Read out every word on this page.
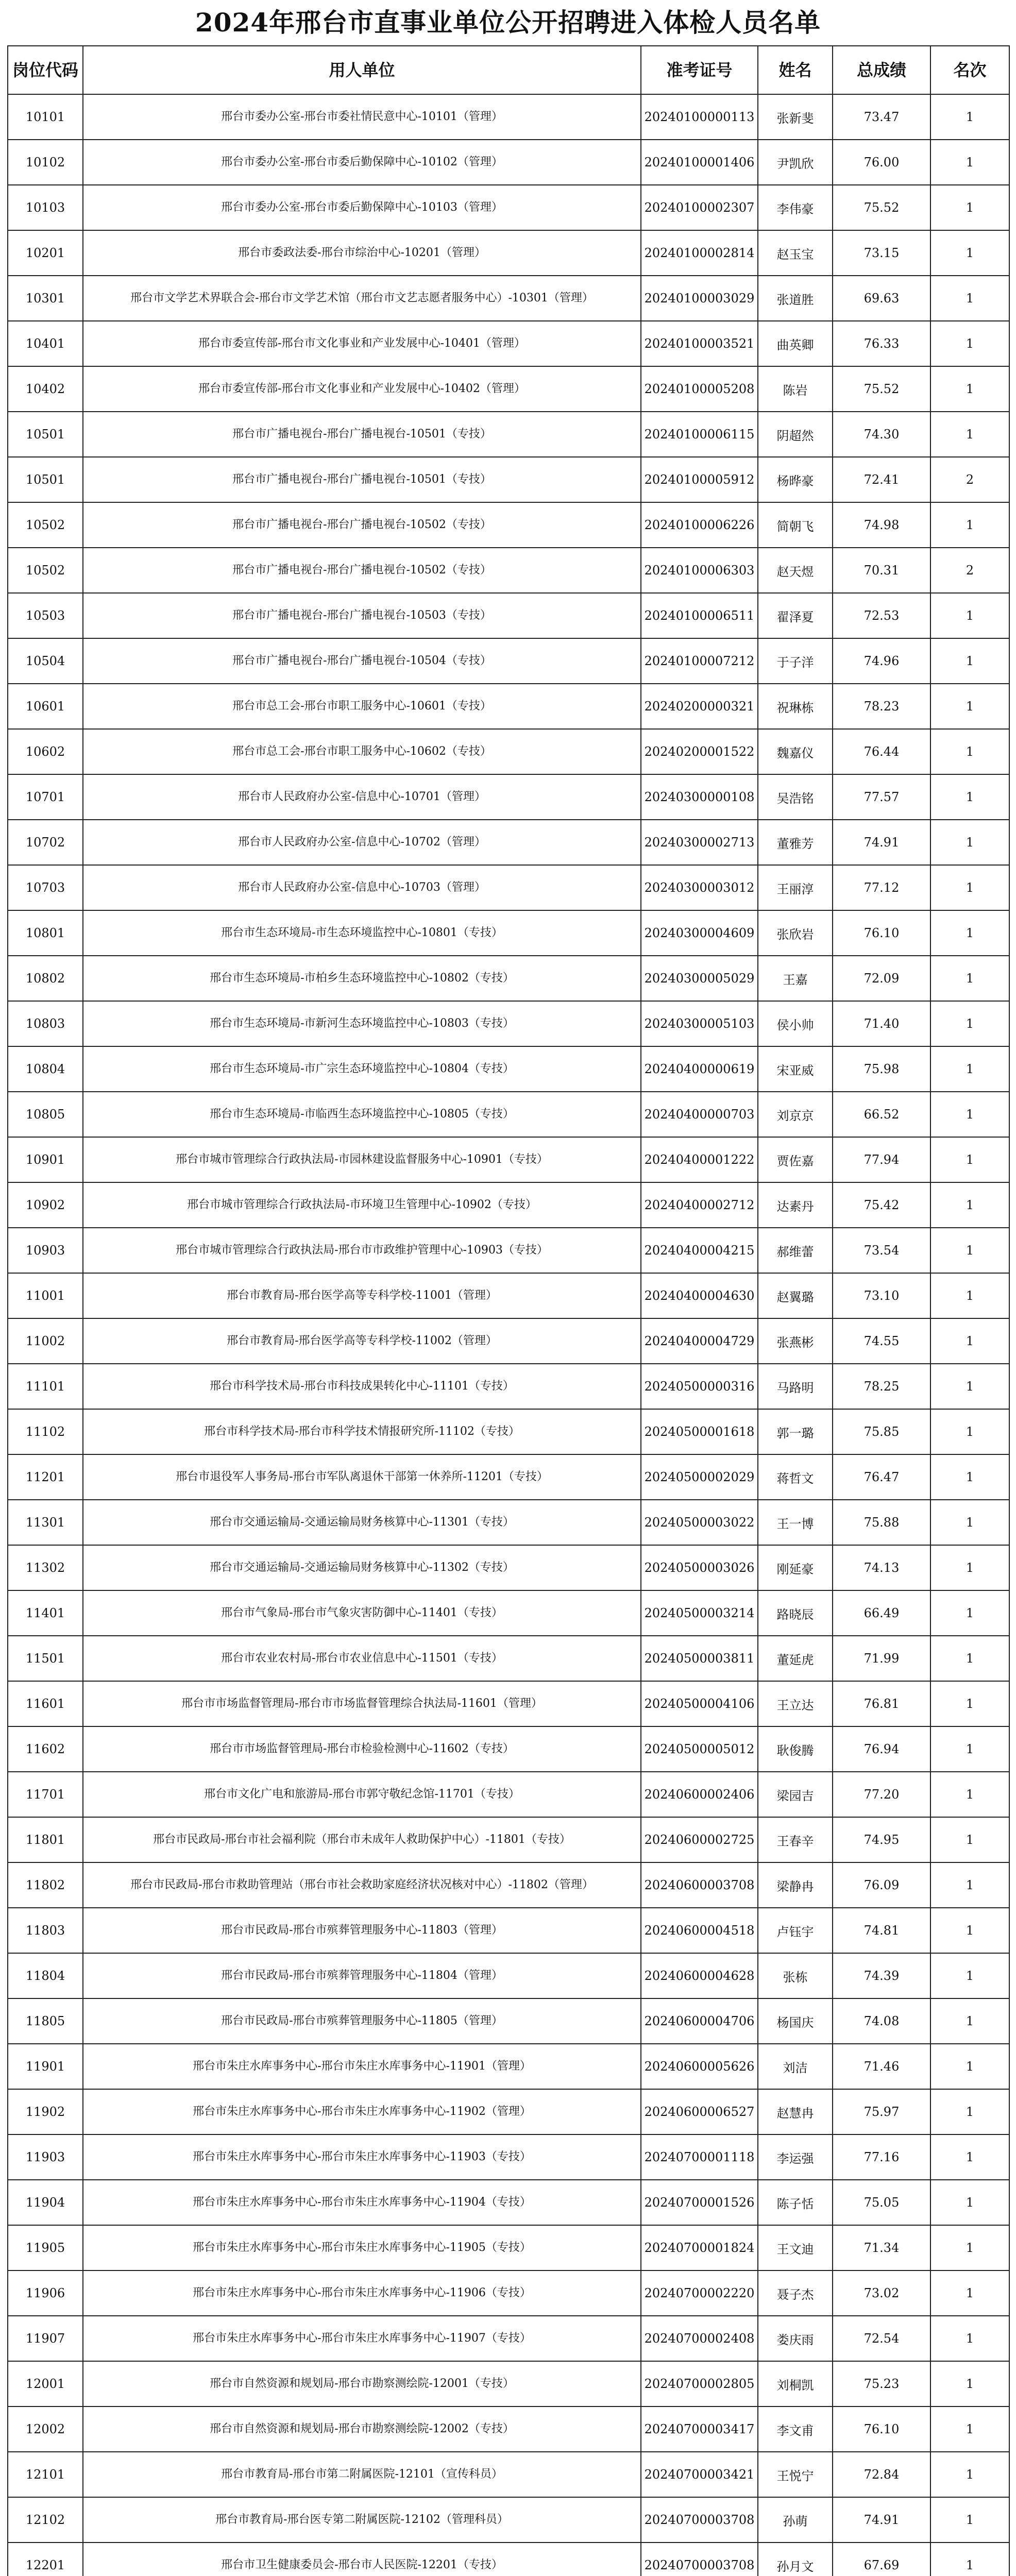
2024年邢台市直事业单位公开招聘进入体检人员名单
岗位代码	用人单位	准考证号	姓名	总成绩	名次
10101	邢台市委办公室-邢台市委社情民意中心-10101（管理）	20240100000113	张新斐	73.47	1
10102	邢台市委办公室-邢台市委后勤保障中心-10102（管理）	20240100001406	尹凯欣	76.00	1
10103	邢台市委办公室-邢台市委后勤保障中心-10103（管理）	20240100002307	李伟豪	75.52	1
10201	邢台市委政法委-邢台市综治中心-10201（管理）	20240100002814	赵玉宝	73.15	1
10301	邢台市文学艺术界联合会-邢台市文学艺术馆（邢台市文艺志愿者服务中心）-10301（管理）	20240100003029	张道胜	69.63	1
10401	邢台市委宣传部-邢台市文化事业和产业发展中心-10401（管理）	20240100003521	曲英卿	76.33	1
10402	邢台市委宣传部-邢台市文化事业和产业发展中心-10402（管理）	20240100005208	陈岩	75.52	1
10501	邢台市广播电视台-邢台广播电视台-10501（专技）	20240100006115	阴超然	74.30	1
10501	邢台市广播电视台-邢台广播电视台-10501（专技）	20240100005912	杨晔豪	72.41	2
10502	邢台市广播电视台-邢台广播电视台-10502（专技）	20240100006226	简朝飞	74.98	1
10502	邢台市广播电视台-邢台广播电视台-10502（专技）	20240100006303	赵天煜	70.31	2
10503	邢台市广播电视台-邢台广播电视台-10503（专技）	20240100006511	翟泽夏	72.53	1
10504	邢台市广播电视台-邢台广播电视台-10504（专技）	20240100007212	于子洋	74.96	1
10601	邢台市总工会-邢台市职工服务中心-10601（专技）	20240200000321	祝琳栋	78.23	1
10602	邢台市总工会-邢台市职工服务中心-10602（专技）	20240200001522	魏嘉仪	76.44	1
10701	邢台市人民政府办公室-信息中心-10701（管理）	20240300000108	吴浩铭	77.57	1
10702	邢台市人民政府办公室-信息中心-10702（管理）	20240300002713	董雅芳	74.91	1
10703	邢台市人民政府办公室-信息中心-10703（管理）	20240300003012	王丽淳	77.12	1
10801	邢台市生态环境局-市生态环境监控中心-10801（专技）	20240300004609	张欣岩	76.10	1
10802	邢台市生态环境局-市柏乡生态环境监控中心-10802（专技）	20240300005029	王嘉	72.09	1
10803	邢台市生态环境局-市新河生态环境监控中心-10803（专技）	20240300005103	侯小帅	71.40	1
10804	邢台市生态环境局-市广宗生态环境监控中心-10804（专技）	20240400000619	宋亚威	75.98	1
10805	邢台市生态环境局-市临西生态环境监控中心-10805（专技）	20240400000703	刘京京	66.52	1
10901	邢台市城市管理综合行政执法局-市园林建设监督服务中心-10901（专技）	20240400001222	贾佐嘉	77.94	1
10902	邢台市城市管理综合行政执法局-市环境卫生管理中心-10902（专技）	20240400002712	达素丹	75.42	1
10903	邢台市城市管理综合行政执法局-邢台市市政维护管理中心-10903（专技）	20240400004215	郝维蕾	73.54	1
11001	邢台市教育局-邢台医学高等专科学校-11001（管理）	20240400004630	赵翼璐	73.10	1
11002	邢台市教育局-邢台医学高等专科学校-11002（管理）	20240400004729	张燕彬	74.55	1
11101	邢台市科学技术局-邢台市科技成果转化中心-11101（专技）	20240500000316	马路明	78.25	1
11102	邢台市科学技术局-邢台市科学技术情报研究所-11102（专技）	20240500001618	郭一璐	75.85	1
11201	邢台市退役军人事务局-邢台市军队离退休干部第一休养所-11201（专技）	20240500002029	蒋哲文	76.47	1
11301	邢台市交通运输局-交通运输局财务核算中心-11301（专技）	20240500003022	王一博	75.88	1
11302	邢台市交通运输局-交通运输局财务核算中心-11302（专技）	20240500003026	刚延豪	74.13	1
11401	邢台市气象局-邢台市气象灾害防御中心-11401（专技）	20240500003214	路晓辰	66.49	1
11501	邢台市农业农村局-邢台市农业信息中心-11501（专技）	20240500003811	董延虎	71.99	1
11601	邢台市市场监督管理局-邢台市市场监督管理综合执法局-11601（管理）	20240500004106	王立达	76.81	1
11602	邢台市市场监督管理局-邢台市检验检测中心-11602（专技）	20240500005012	耿俊腾	76.94	1
11701	邢台市文化广电和旅游局-邢台市郭守敬纪念馆-11701（专技）	20240600002406	梁园吉	77.20	1
11801	邢台市民政局-邢台市社会福利院（邢台市未成年人救助保护中心）-11801（专技）	20240600002725	王春辛	74.95	1
11802	邢台市民政局-邢台市救助管理站（邢台市社会救助家庭经济状况核对中心）-11802（管理）	20240600003708	梁静冉	76.09	1
11803	邢台市民政局-邢台市殡葬管理服务中心-11803（管理）	20240600004518	卢钰宇	74.81	1
11804	邢台市民政局-邢台市殡葬管理服务中心-11804（管理）	20240600004628	张栋	74.39	1
11805	邢台市民政局-邢台市殡葬管理服务中心-11805（管理）	20240600004706	杨国庆	74.08	1
11901	邢台市朱庄水库事务中心-邢台市朱庄水库事务中心-11901（管理）	20240600005626	刘洁	71.46	1
11902	邢台市朱庄水库事务中心-邢台市朱庄水库事务中心-11902（管理）	20240600006527	赵慧冉	75.97	1
11903	邢台市朱庄水库事务中心-邢台市朱庄水库事务中心-11903（专技）	20240700001118	李运强	77.16	1
11904	邢台市朱庄水库事务中心-邢台市朱庄水库事务中心-11904（专技）	20240700001526	陈子恬	75.05	1
11905	邢台市朱庄水库事务中心-邢台市朱庄水库事务中心-11905（专技）	20240700001824	王文迪	71.34	1
11906	邢台市朱庄水库事务中心-邢台市朱庄水库事务中心-11906（专技）	20240700002220	聂子杰	73.02	1
11907	邢台市朱庄水库事务中心-邢台市朱庄水库事务中心-11907（专技）	20240700002408	娄庆雨	72.54	1
12001	邢台市自然资源和规划局-邢台市勘察测绘院-12001（专技）	20240700002805	刘桐凯	75.23	1
12002	邢台市自然资源和规划局-邢台市勘察测绘院-12002（专技）	20240700003417	李文甫	76.10	1
12101	邢台市教育局-邢台市第二附属医院-12101（宣传科员）	20240700003421	王悦宁	72.84	1
12102	邢台市教育局-邢台医专第二附属医院-12102（管理科员）	20240700003708	孙萌	74.91	1
12201	邢台市卫生健康委员会-邢台市人民医院-12201（专技）	20240700003708	孙月文	67.69	1
